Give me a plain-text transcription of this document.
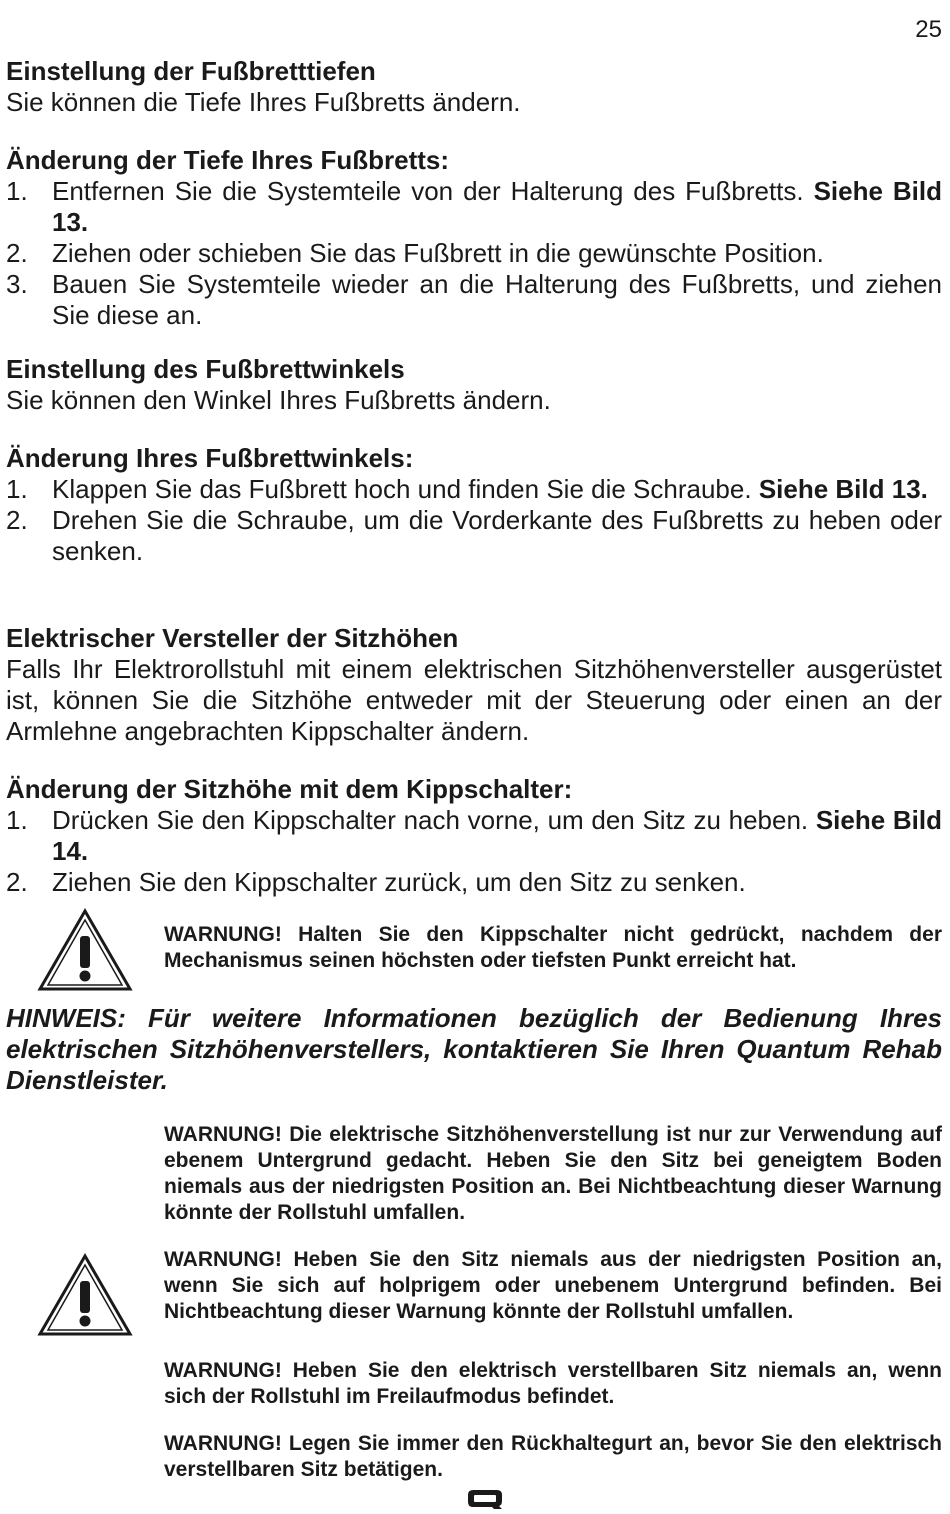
25

Einstellung der Fußbretttiefen

Sie können die Tiefe Ihres Fußbretts ändern.

Änderung der Tiefe Ihres Fußbretts:

1. Entfernen Sie die Systemteile von der Halterung des Fußbretts. Siehe Bild 13.
2. Ziehen oder schieben Sie das Fußbrett in die gewünschte Position.
3. Bauen Sie Systemteile wieder an die Halterung des Fußbretts, und ziehen Sie diese an.

Einstellung des Fußbrettwinkels

Sie können den Winkel Ihres Fußbretts ändern.

Änderung Ihres Fußbrettwinkels:

1. Klappen Sie das Fußbrett hoch und finden Sie die Schraube. Siehe Bild 13.
2. Drehen Sie die Schraube, um die Vorderkante des Fußbretts zu heben oder senken.

Elektrischer Versteller der Sitzhöhen

Falls Ihr Elektrorollstuhl mit einem elektrischen Sitzhöhenversteller ausgerüstet ist, können Sie die Sitzhöhe entweder mit der Steuerung oder einen an der Armlehne angebrachten Kippschalter ändern.

Änderung der Sitzhöhe mit dem Kippschalter:

1. Drücken Sie den Kippschalter nach vorne, um den Sitz zu heben. Siehe Bild 14.
2. Ziehen Sie den Kippschalter zurück, um den Sitz zu senken.
WARNUNG! Halten Sie den Kippschalter nicht gedrückt, nachdem der Mechanismus seinen höchsten oder tiefsten Punkt erreicht hat.

HINWEIS: Für weitere Informationen bezüglich der Bedienung Ihres elektrischen Sitzhöhenverstellers, kontaktieren Sie Ihren Quantum Rehab Dienstleister.

WARNUNG! Die elektrische Sitzhöhenverstellung ist nur zur Verwendung auf ebenem Untergrund gedacht. Heben Sie den Sitz bei geneigtem Boden niemals aus der niedrigsten Position an. Bei Nichtbeachtung dieser Warnung könnte der Rollstuhl umfallen.
WARNUNG! Heben Sie den Sitz niemals aus der niedrigsten Position an, wenn Sie sich auf holprigem oder unebenem Untergrund befinden. Bei Nichtbeachtung dieser Warnung könnte der Rollstuhl umfallen.
WARNUNG! Heben Sie den elektrisch verstellbaren Sitz niemals an, wenn sich der Rollstuhl im Freilaufmodus befindet.
WARNUNG! Legen Sie immer den Rückhaltegurt an, bevor Sie den elektrisch verstellbaren Sitz betätigen.
